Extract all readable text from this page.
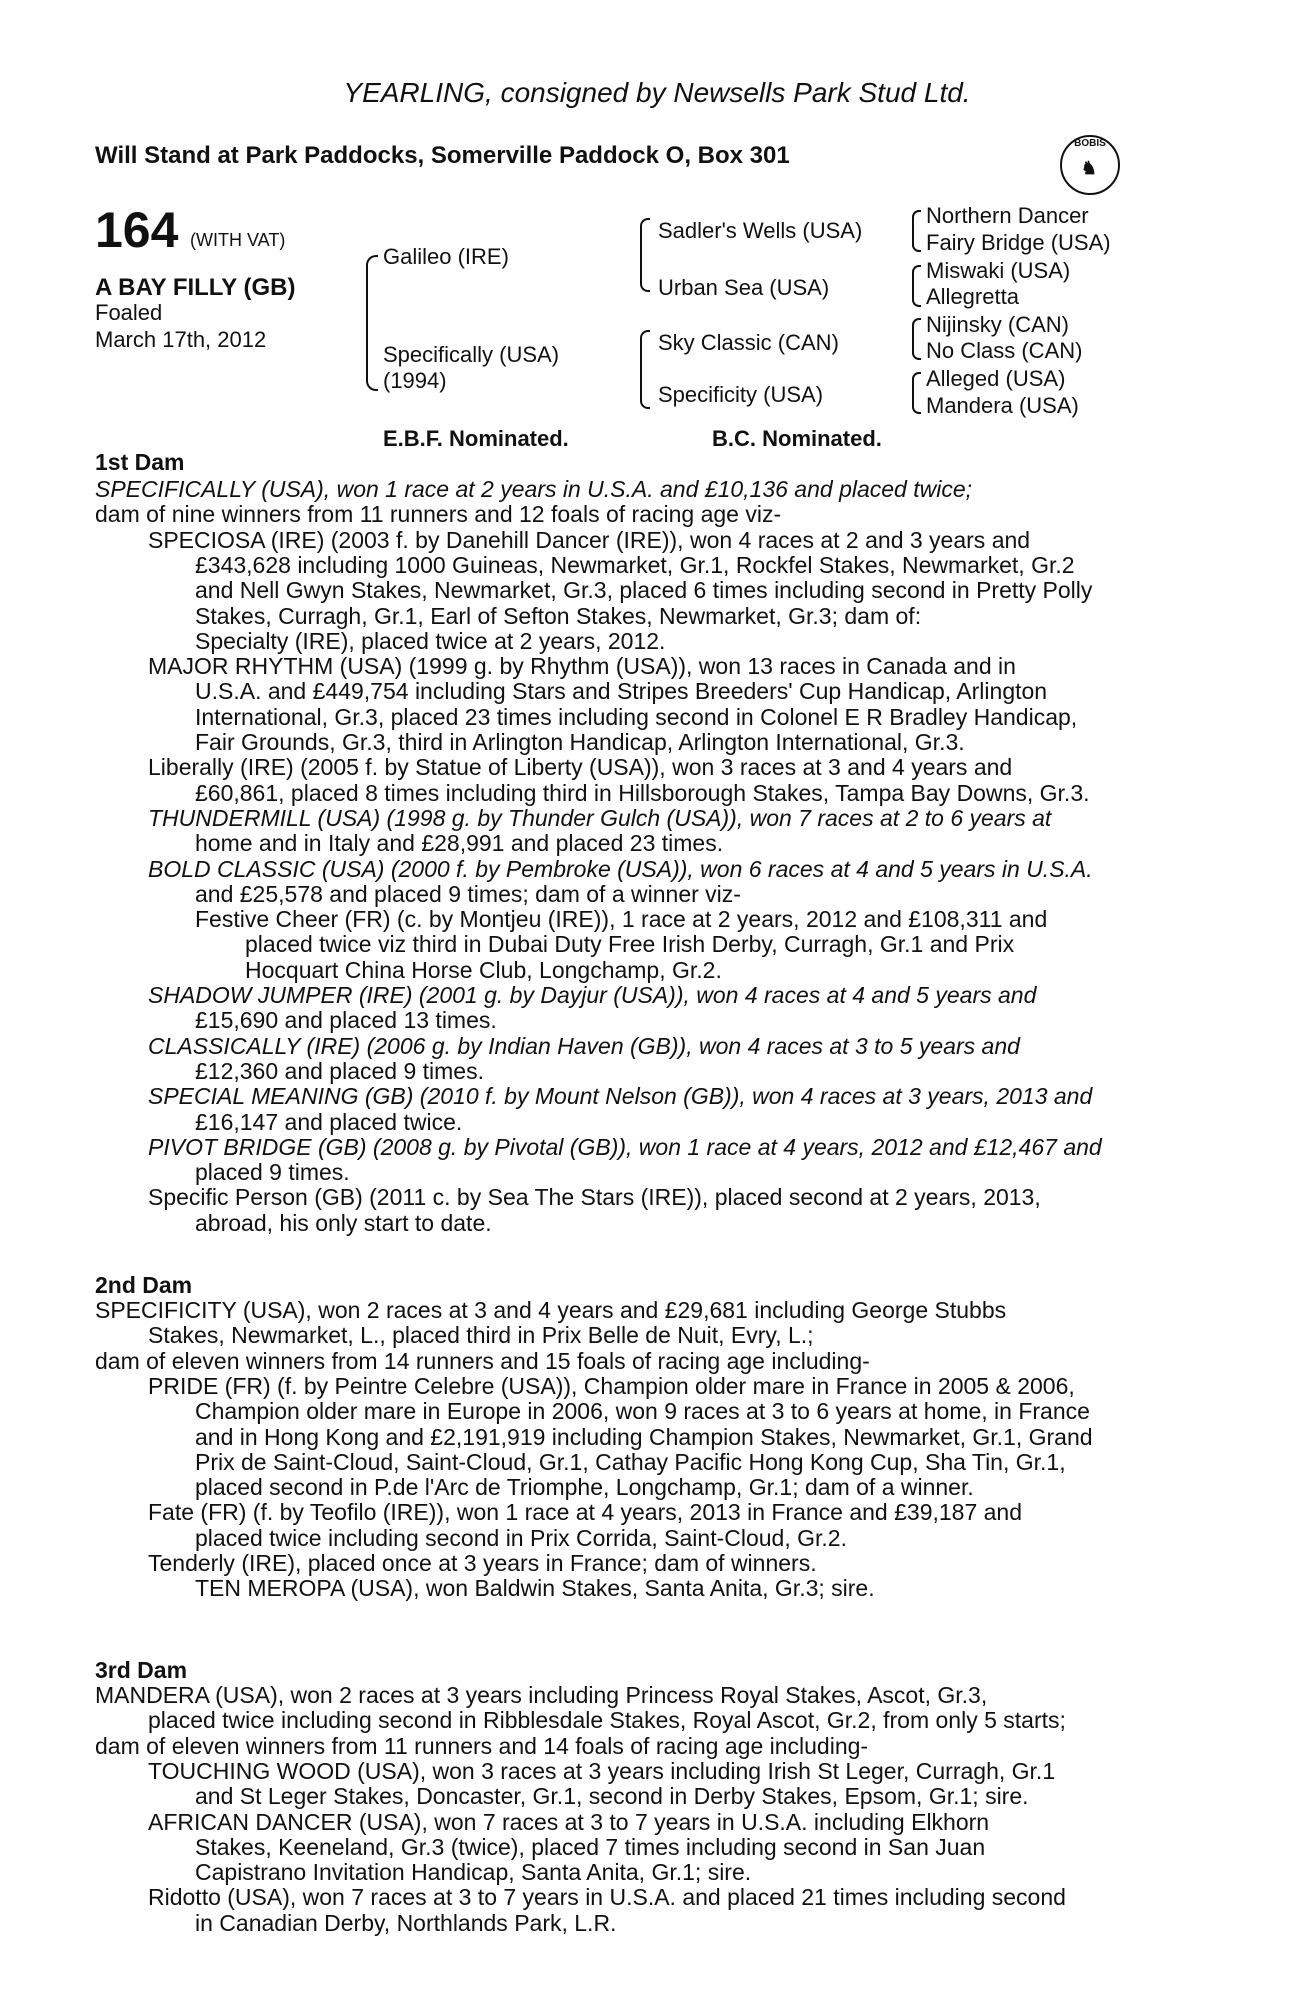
YEARLING, consigned by Newsells Park Stud Ltd.
Will Stand at Park Paddocks, Somerville Paddock O, Box 301	BOBIS
♞
164 (WITH VAT)
A BAY FILLY (GB)
Foaled
March 17th, 2012
Galileo (IRE)
Specifically (USA)
(1994)
Sadler's Wells (USA)
Urban Sea (USA)
Sky Classic (CAN)
Specificity (USA)
Northern Dancer
Fairy Bridge (USA)
Miswaki (USA)
Allegretta
Nijinsky (CAN)
No Class (CAN)
Alleged (USA)
Mandera (USA)
E.B.F. Nominated.	B.C. Nominated.
1st Dam
SPECIFICALLY (USA), won 1 race at 2 years in U.S.A. and £10,136 and placed twice;
dam of nine winners from 11 runners and 12 foals of racing age viz-
SPECIOSA (IRE) (2003 f. by Danehill Dancer (IRE)), won 4 races at 2 and 3 years and
£343,628 including 1000 Guineas, Newmarket, Gr.1, Rockfel Stakes, Newmarket, Gr.2
and Nell Gwyn Stakes, Newmarket, Gr.3, placed 6 times including second in Pretty Polly
Stakes, Curragh, Gr.1, Earl of Sefton Stakes, Newmarket, Gr.3; dam of:
Specialty (IRE), placed twice at 2 years, 2012.
MAJOR RHYTHM (USA) (1999 g. by Rhythm (USA)), won 13 races in Canada and in
U.S.A. and £449,754 including Stars and Stripes Breeders' Cup Handicap, Arlington
International, Gr.3, placed 23 times including second in Colonel E R Bradley Handicap,
Fair Grounds, Gr.3, third in Arlington Handicap, Arlington International, Gr.3.
Liberally (IRE) (2005 f. by Statue of Liberty (USA)), won 3 races at 3 and 4 years and
£60,861, placed 8 times including third in Hillsborough Stakes, Tampa Bay Downs, Gr.3.
THUNDERMILL (USA) (1998 g. by Thunder Gulch (USA)), won 7 races at 2 to 6 years at
home and in Italy and £28,991 and placed 23 times.
BOLD CLASSIC (USA) (2000 f. by Pembroke (USA)), won 6 races at 4 and 5 years in U.S.A.
and £25,578 and placed 9 times; dam of a winner viz-
Festive Cheer (FR) (c. by Montjeu (IRE)), 1 race at 2 years, 2012 and £108,311 and
placed twice viz third in Dubai Duty Free Irish Derby, Curragh, Gr.1 and Prix
Hocquart China Horse Club, Longchamp, Gr.2.
SHADOW JUMPER (IRE) (2001 g. by Dayjur (USA)), won 4 races at 4 and 5 years and
£15,690 and placed 13 times.
CLASSICALLY (IRE) (2006 g. by Indian Haven (GB)), won 4 races at 3 to 5 years and
£12,360 and placed 9 times.
SPECIAL MEANING (GB) (2010 f. by Mount Nelson (GB)), won 4 races at 3 years, 2013 and
£16,147 and placed twice.
PIVOT BRIDGE (GB) (2008 g. by Pivotal (GB)), won 1 race at 4 years, 2012 and £12,467 and
placed 9 times.
Specific Person (GB) (2011 c. by Sea The Stars (IRE)), placed second at 2 years, 2013,
abroad, his only start to date.
2nd Dam
SPECIFICITY (USA), won 2 races at 3 and 4 years and £29,681 including George Stubbs
Stakes, Newmarket, L., placed third in Prix Belle de Nuit, Evry, L.;
dam of eleven winners from 14 runners and 15 foals of racing age including-
PRIDE (FR) (f. by Peintre Celebre (USA)), Champion older mare in France in 2005 & 2006,
Champion older mare in Europe in 2006, won 9 races at 3 to 6 years at home, in France
and in Hong Kong and £2,191,919 including Champion Stakes, Newmarket, Gr.1, Grand
Prix de Saint-Cloud, Saint-Cloud, Gr.1, Cathay Pacific Hong Kong Cup, Sha Tin, Gr.1,
placed second in P.de l'Arc de Triomphe, Longchamp, Gr.1; dam of a winner.
Fate (FR) (f. by Teofilo (IRE)), won 1 race at 4 years, 2013 in France and £39,187 and
placed twice including second in Prix Corrida, Saint-Cloud, Gr.2.
Tenderly (IRE), placed once at 3 years in France; dam of winners.
TEN MEROPA (USA), won Baldwin Stakes, Santa Anita, Gr.3; sire.
3rd Dam
MANDERA (USA), won 2 races at 3 years including Princess Royal Stakes, Ascot, Gr.3,
placed twice including second in Ribblesdale Stakes, Royal Ascot, Gr.2, from only 5 starts;
dam of eleven winners from 11 runners and 14 foals of racing age including-
TOUCHING WOOD (USA), won 3 races at 3 years including Irish St Leger, Curragh, Gr.1
and St Leger Stakes, Doncaster, Gr.1, second in Derby Stakes, Epsom, Gr.1; sire.
AFRICAN DANCER (USA), won 7 races at 3 to 7 years in U.S.A. including Elkhorn
Stakes, Keeneland, Gr.3 (twice), placed 7 times including second in San Juan
Capistrano Invitation Handicap, Santa Anita, Gr.1; sire.
Ridotto (USA), won 7 races at 3 to 7 years in U.S.A. and placed 21 times including second
in Canadian Derby, Northlands Park, L.R.
